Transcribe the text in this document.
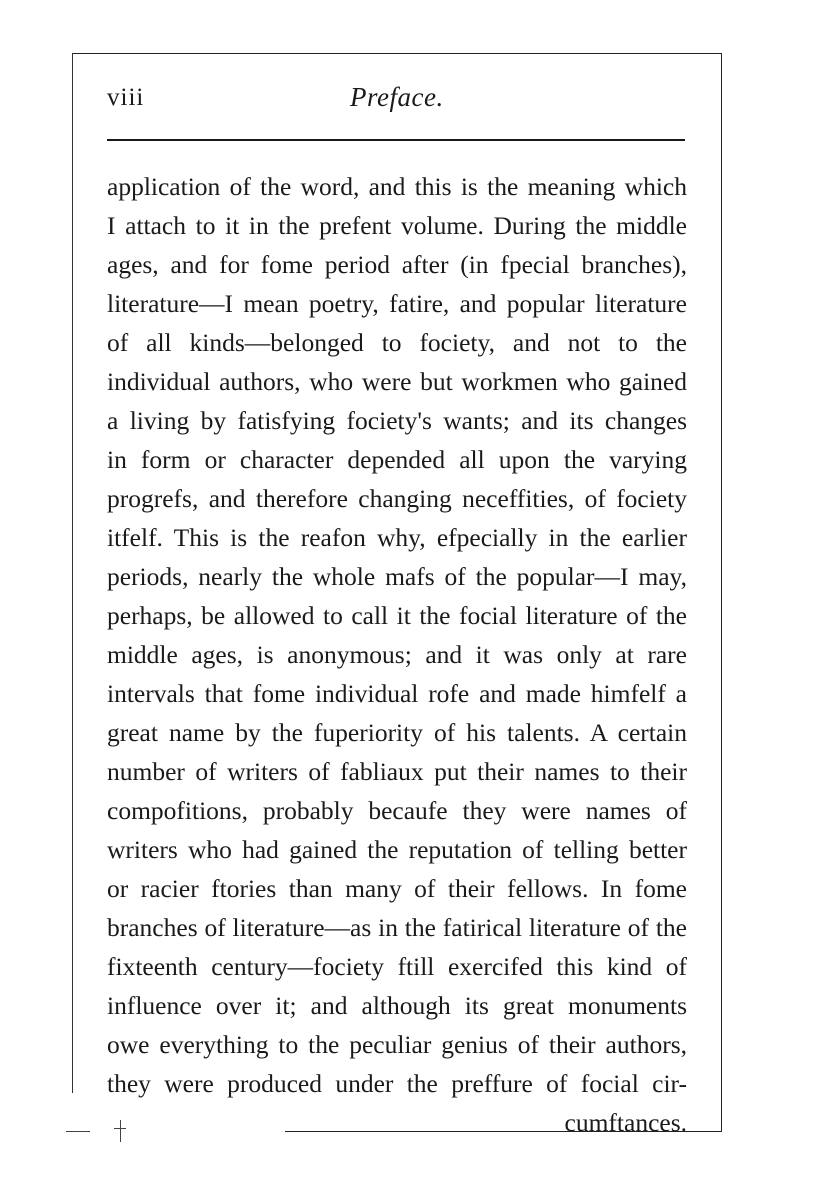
viii	Preface.
application of the word, and this is the meaning which
I attach to it in the prefent volume. During the middle
ages, and for fome period after (in fpecial branches),
literature—I mean poetry, fatire, and popular literature
of all kinds—belonged to fociety, and not to the
individual authors, who were but workmen who gained
a living by fatisfying fociety's wants; and its changes
in form or character depended all upon the varying
progrefs, and therefore changing neceffities, of fociety
itfelf. This is the reafon why, efpecially in the earlier
periods, nearly the whole mafs of the popular—I may,
perhaps, be allowed to call it the focial literature of the
middle ages, is anonymous; and it was only at rare
intervals that fome individual rofe and made himfelf a
great name by the fuperiority of his talents. A certain
number of writers of fabliaux put their names to their
compofitions, probably becaufe they were names of
writers who had gained the reputation of telling better
or racier ftories than many of their fellows. In fome
branches of literature—as in the fatirical literature of the
fixteenth century—fociety ftill exercifed this kind of
influence over it; and although its great monuments
owe everything to the peculiar genius of their authors,
they were produced under the preffure of focial cir-
cumftances.
